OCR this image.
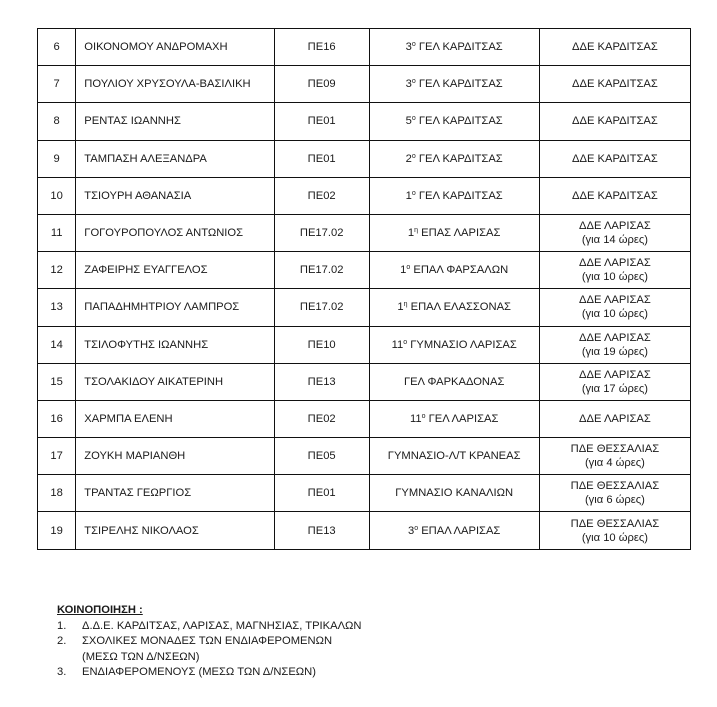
6	ΟΙΚΟΝΟΜΟΥ ΑΝΔΡΟΜΑΧΗ	ΠΕ16	$3^o$ ΓΕΛ ΚΑΡΔΙΤΣΑΣ	ΔΔΕ ΚΑΡΔΙΤΣΑΣ

7	ΠΟΥΛΙΟΥ ΧΡΥΣΟΥΛΑ-ΒΑΣΙΛΙΚΗ	ΠΕ09	$3^o$ ΓΕΛ ΚΑΡΔΙΤΣΑΣ	ΔΔΕ ΚΑΡΔΙΤΣΑΣ

8	ΡΕΝΤΑΣ ΙΩΑΝΝΗΣ	ΠΕ01	$5^o$ ΓΕΛ ΚΑΡΔΙΤΣΑΣ	ΔΔΕ ΚΑΡΔΙΤΣΑΣ

9	ΤΑΜΠΑΣΗ ΑΛΕΞΑΝΔΡΑ	ΠΕ01	$2^o$ ΓΕΛ ΚΑΡΔΙΤΣΑΣ	ΔΔΕ ΚΑΡΔΙΤΣΑΣ

10	ΤΣΙΟΥΡΗ ΑΘΑΝΑΣΙΑ	ΠΕ02	$1^o$ ΓΕΛ ΚΑΡΔΙΤΣΑΣ	ΔΔΕ ΚΑΡΔΙΤΣΑΣ

11	ΓΟΓΟΥΡΟΠΟΥΛΟΣ ΑΝΤΩΝΙΟΣ	ΠΕ17.02	$1^\eta$ ΕΠΑΣ ΛΑΡΙΣΑΣ	ΔΔΕ ΛΑΡΙΣΑΣ
(για 14 ώρες)

12	ΖΑΦΕΙΡΗΣ ΕΥΑΓΓΕΛΟΣ	ΠΕ17.02	$1^o$ ΕΠΑΛ ΦΑΡΣΑΛΩΝ	ΔΔΕ ΛΑΡΙΣΑΣ
(για 10 ώρες)

13	ΠΑΠΑΔΗΜΗΤΡΙΟΥ ΛΑΜΠΡΟΣ	ΠΕ17.02	$1^\eta$ ΕΠΑΛ ΕΛΑΣΣΟΝΑΣ	ΔΔΕ ΛΑΡΙΣΑΣ
(για 10 ώρες)

14	ΤΣΙΛΟΦΥΤΗΣ ΙΩΑΝΝΗΣ	ΠΕ10	$11^o$ ΓΥΜΝΑΣΙΟ ΛΑΡΙΣΑΣ	ΔΔΕ ΛΑΡΙΣΑΣ
(για 19 ώρες)

15	ΤΣΟΛΑΚΙΔΟΥ ΑΙΚΑΤΕΡΙΝΗ	ΠΕ13	ΓΕΛ ΦΑΡΚΑΔΟΝΑΣ	ΔΔΕ ΛΑΡΙΣΑΣ
(για 17 ώρες)

16	ΧΑΡΜΠΑ ΕΛΕΝΗ	ΠΕ02	$11^o$ ΓΕΛ ΛΑΡΙΣΑΣ	ΔΔΕ ΛΑΡΙΣΑΣ

17	ΖΟΥΚΗ ΜΑΡΙΑΝΘΗ	ΠΕ05	ΓΥΜΝΑΣΙΟ-Λ/Τ ΚΡΑΝΕΑΣ	ΠΔΕ ΘΕΣΣΑΛΙΑΣ
(για 4 ώρες)

18	ΤΡΑΝΤΑΣ ΓΕΩΡΓΙΟΣ	ΠΕ01	ΓΥΜΝΑΣΙΟ ΚΑΝΑΛΙΩΝ	ΠΔΕ ΘΕΣΣΑΛΙΑΣ
(για 6 ώρες)

19	ΤΣΙΡΕΛΗΣ ΝΙΚΟΛΑΟΣ	ΠΕ13	$3^o$ ΕΠΑΛ ΛΑΡΙΣΑΣ	ΠΔΕ ΘΕΣΣΑΛΙΑΣ
(για 10 ώρες)
ΚΟΙΝΟΠΟΙΗΣΗ :
1.	Δ.Δ.Ε. ΚΑΡΔΙΤΣΑΣ, ΛΑΡΙΣΑΣ, ΜΑΓΝΗΣΙΑΣ, ΤΡΙΚΑΛΩΝ
2.	ΣΧΟΛΙΚΕΣ ΜΟΝΑΔΕΣ ΤΩΝ ΕΝΔΙΑΦΕΡΟΜΕΝΩΝ
(ΜΕΣΩ ΤΩΝ Δ/ΝΣΕΩΝ)
3.	ΕΝΔΙΑΦΕΡΟΜΕΝΟΥΣ (ΜΕΣΩ ΤΩΝ Δ/ΝΣΕΩΝ)
